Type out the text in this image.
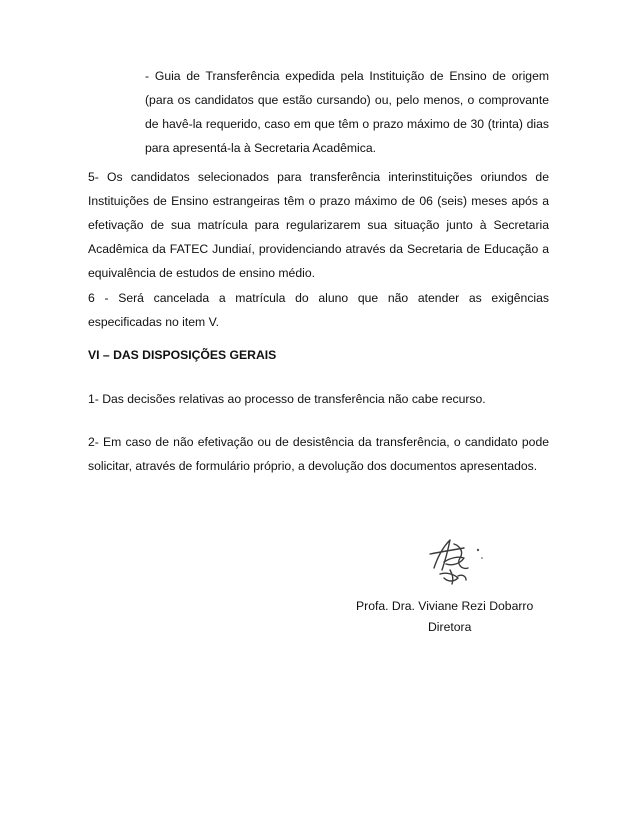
- Guia de Transferência expedida pela Instituição de Ensino de origem (para os candidatos que estão cursando) ou, pelo menos, o comprovante de havê-la requerido, caso em que têm o prazo máximo de 30 (trinta) dias para apresentá-la à Secretaria Acadêmica.

5- Os candidatos selecionados para transferência interinstituições oriundos de Instituições de Ensino estrangeiras têm o prazo máximo de 06 (seis) meses após a efetivação de sua matrícula para regularizarem sua situação junto à Secretaria Acadêmica da FATEC Jundiaí, providenciando através da Secretaria de Educação a equivalência de estudos de ensino médio.

6 - Será cancelada a matrícula do aluno que não atender as exigências especificadas no item V.

VI – DAS DISPOSIÇÕES GERAIS

1- Das decisões relativas ao processo de transferência não cabe recurso.

2- Em caso de não efetivação ou de desistência da transferência, o candidato pode solicitar, através de formulário próprio, a devolução dos documentos apresentados.

Profa. Dra. Viviane Rezi Dobarro
Diretora
